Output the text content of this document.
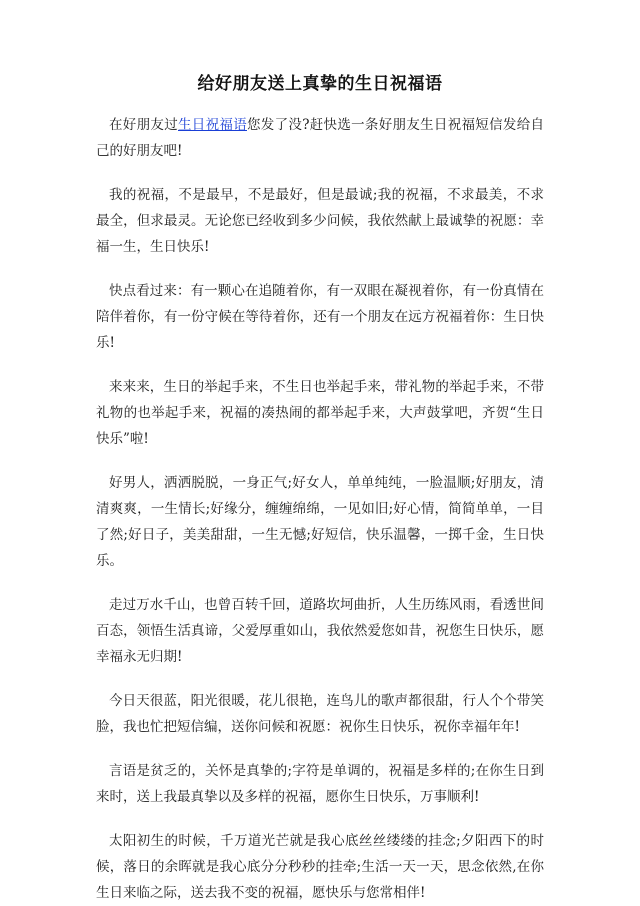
给好朋友送上真挚的生日祝福语

在好朋友过生日祝福语您发了没?赶快选一条好朋友生日祝福短信发给自己的好朋友吧!

我的祝福，不是最早，不是最好，但是最诚;我的祝福，不求最美，不求最全，但求最灵。无论您已经收到多少问候，我依然献上最诚挚的祝愿：幸福一生，生日快乐!

快点看过来：有一颗心在追随着你，有一双眼在凝视着你，有一份真情在陪伴着你，有一份守候在等待着你，还有一个朋友在远方祝福着你：生日快乐!

来来来，生日的举起手来，不生日也举起手来，带礼物的举起手来，不带礼物的也举起手来，祝福的凑热闹的都举起手来，大声鼓掌吧，齐贺“生日快乐”啦!

好男人，洒洒脱脱，一身正气;好女人，单单纯纯，一脸温顺;好朋友，清清爽爽，一生情长;好缘分，缠缠绵绵，一见如旧;好心情，简简单单，一目了然;好日子，美美甜甜，一生无憾;好短信，快乐温馨，一掷千金，生日快乐。

走过万水千山，也曾百转千回，道路坎坷曲折，人生历练风雨，看透世间百态，领悟生活真谛，父爱厚重如山，我依然爱您如昔，祝您生日快乐，愿幸福永无归期!

今日天很蓝，阳光很暖，花儿很艳，连鸟儿的歌声都很甜，行人个个带笑脸，我也忙把短信编，送你问候和祝愿：祝你生日快乐，祝你幸福年年!

言语是贫乏的，关怀是真挚的;字符是单调的，祝福是多样的;在你生日到来时，送上我最真挚以及多样的祝福，愿你生日快乐，万事顺利!

太阳初生的时候，千万道光芒就是我心底丝丝缕缕的挂念;夕阳西下的时候，落日的余晖就是我心底分分秒秒的挂牵;生活一天一天，思念依然,在你生日来临之际，送去我不变的祝福，愿快乐与您常相伴!
